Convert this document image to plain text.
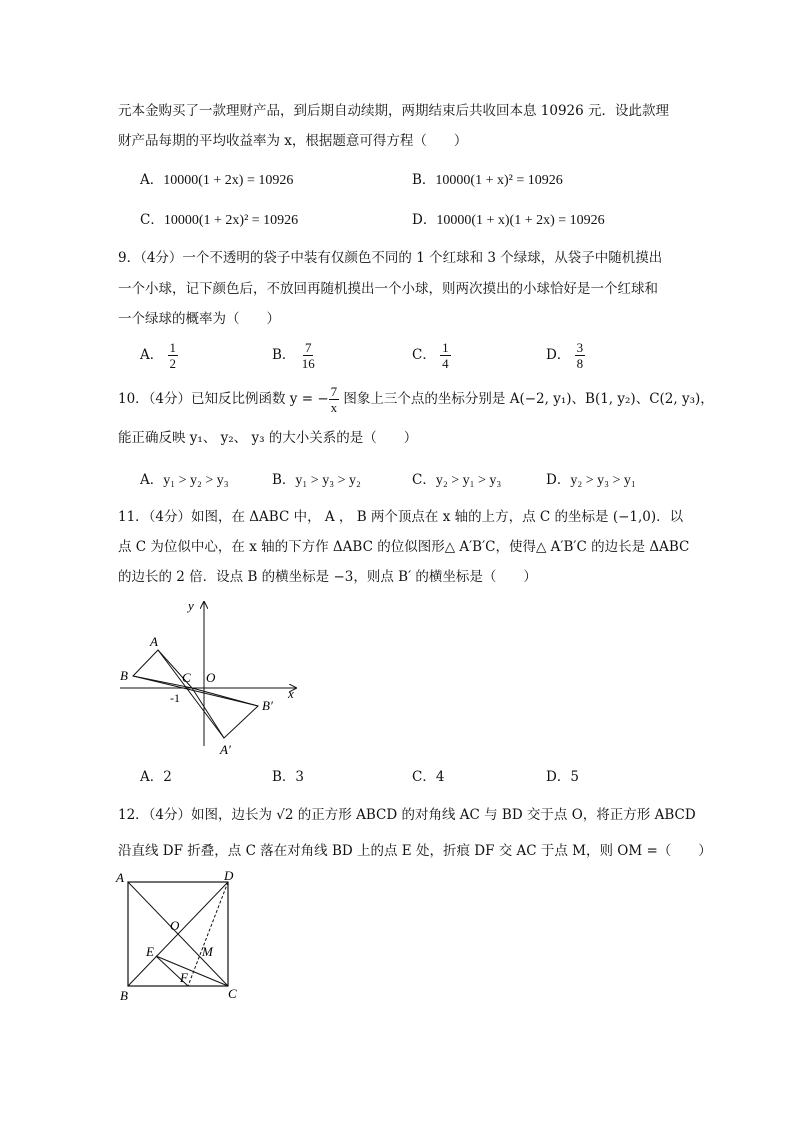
元本金购买了一款理财产品，到后期自动续期，两期结束后共收回本息 10926 元．设此款理
财产品每期的平均收益率为 x，根据题意可得方程（　　）
A．10000(1 + 2x) = 10926	B．10000(1 + x)² = 10926
C．10000(1 + 2x)² = 10926	D．10000(1 + x)(1 + 2x) = 10926
9．（4分）一个不透明的袋子中装有仅颜色不同的 1 个红球和 3 个绿球，从袋子中随机摸出
一个小球，记下颜色后，不放回再随机摸出一个小球，则两次摸出的小球恰好是一个红球和
一个绿球的概率为（　　）
A． $\frac{1}{2}$	B． $\frac{7}{16}$	C． $\frac{1}{4}$	D． $\frac{3}{8}$
10．（4分）已知反比例函数 y = − $\frac{7}{x}$ 图象上三个点的坐标分别是 A(−2, y₁)、B(1, y₂)、C(2, y₃)，
能正确反映 y₁、 y₂、 y₃ 的大小关系的是（　　）
A．y₁ > y₂ > y₃	B．y₁ > y₃ > y₂	C．y₂ > y₁ > y₃	D．y₂ > y₃ > y₁
11．（4分）如图，在 ΔABC 中， A ， B 两个顶点在 x 轴的上方，点 C 的坐标是 (−1,0)．以
点 C 为位似中心，在 x 轴的下方作 ΔABC 的位似图形△ A′B′C，使得△ A′B′C 的边长是 ΔABC
的边长的 2 倍．设点 B 的横坐标是 −3，则点 B′ 的横坐标是（　　）
y
x
A
B	C O
-1	B′
A′
A．2	B．3	C．4	D．5
12．（4分）如图，边长为 √2 的正方形 ABCD 的对角线 AC 与 BD 交于点 O，将正方形 ABCD
沿直线 DF 折叠，点 C 落在对角线 BD 上的点 E 处，折痕 DF 交 AC 于点 M，则 OM =（　　）
A	D
B	C
O
E	M
F
